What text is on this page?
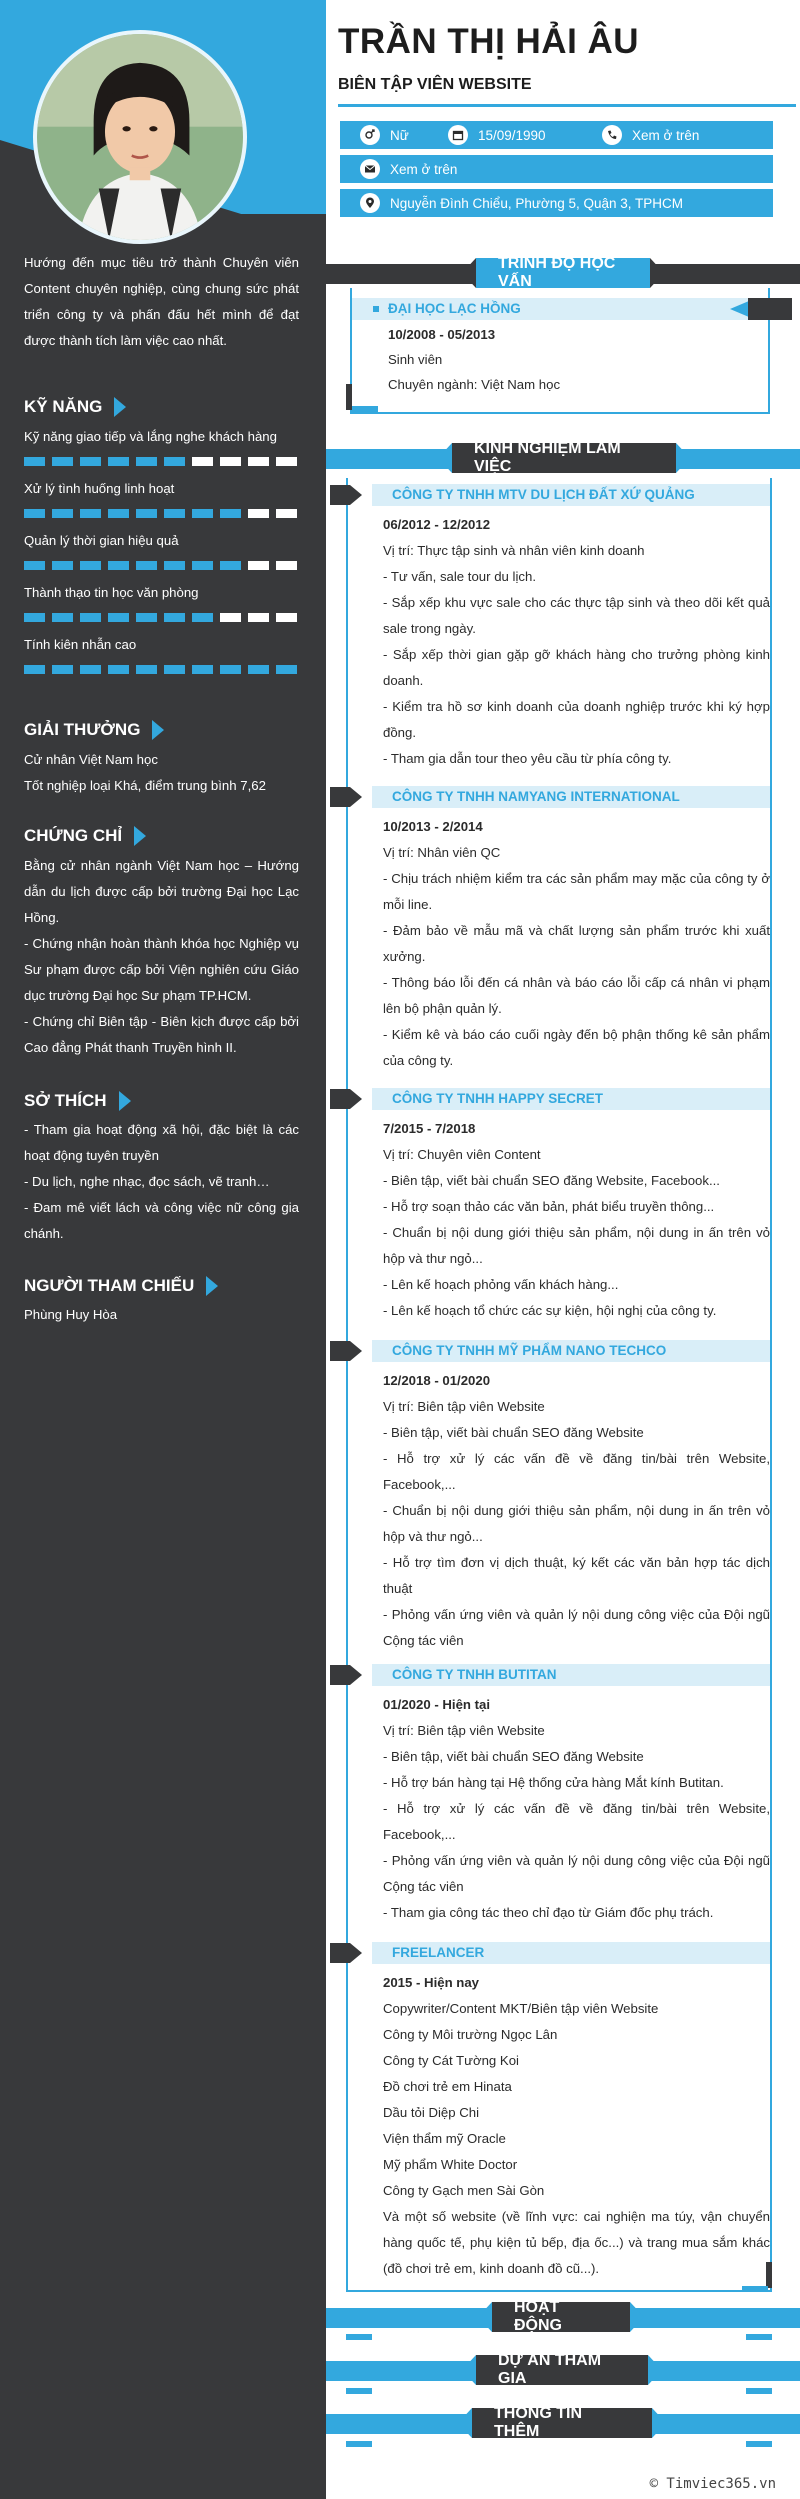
Hướng đến mục tiêu trở thành Chuyên viên Content chuyên nghiệp, cùng chung sức phát triển công ty và phấn đấu hết mình để đạt được thành tích làm việc cao nhất.
KỸ NĂNG
Kỹ năng giao tiếp và lắng nghe khách hàng
Xử lý tình huống linh hoạt
Quản lý thời gian hiệu quả
Thành thạo tin học văn phòng
Tính kiên nhẫn cao
GIẢI THƯỞNG
Cử nhân Việt Nam học
Tốt nghiệp loại Khá, điểm trung bình 7,62
CHỨNG CHỈ
Bằng cử nhân ngành Việt Nam học – Hướng dẫn du lịch được cấp bởi trường Đại học Lạc Hồng.
- Chứng nhận hoàn thành khóa học Nghiệp vụ Sư phạm được cấp bởi Viện nghiên cứu Giáo dục trường Đại học Sư phạm TP.HCM.
- Chứng chỉ Biên tập - Biên kịch được cấp bởi Cao đẳng Phát thanh Truyền hình II.
SỞ THÍCH
- Tham gia hoạt động xã hội, đặc biệt là các hoạt động tuyên truyền
- Du lịch, nghe nhạc, đọc sách, vẽ tranh…
- Đam mê viết lách và công việc nữ công gia chánh.
NGƯỜI THAM CHIẾU
Phùng Huy Hòa
TRẦN THỊ HẢI ÂU
BIÊN TẬP VIÊN WEBSITE
Nữ	15/09/1990	Xem ở trên
Xem ở trên
Nguyễn Đình Chiểu, Phường 5, Quận 3, TPHCM
TRÌNH ĐỘ HỌC VẤN
ĐẠI HỌC LẠC HỒNG
10/2008 - 05/2013
Sinh viên
Chuyên ngành: Việt Nam học
KINH NGHIỆM LÀM VIỆC
CÔNG TY TNHH MTV DU LỊCH ĐẤT XỨ QUẢNG
06/2012 - 12/2012
Vị trí: Thực tập sinh và nhân viên kinh doanh
- Tư vấn, sale tour du lịch.
- Sắp xếp khu vực sale cho các thực tập sinh và theo dõi kết quả sale trong ngày.
- Sắp xếp thời gian gặp gỡ khách hàng cho trưởng phòng kinh doanh.
- Kiểm tra hồ sơ kinh doanh của doanh nghiệp trước khi ký hợp đồng.
- Tham gia dẫn tour theo yêu cầu từ phía công ty.
CÔNG TY TNHH NAMYANG INTERNATIONAL
10/2013 - 2/2014
Vị trí: Nhân viên QC
- Chịu trách nhiệm kiểm tra các sản phẩm may mặc của công ty ở mỗi line.
- Đảm bảo về mẫu mã và chất lượng sản phẩm trước khi xuất xưởng.
- Thông báo lỗi đến cá nhân và báo cáo lỗi cấp cá nhân vi phạm lên bộ phận quản lý.
- Kiểm kê và báo cáo cuối ngày đến bộ phận thống kê sản phẩm của công ty.
CÔNG TY TNHH HAPPY SECRET
7/2015 - 7/2018
Vị trí: Chuyên viên Content
- Biên tập, viết bài chuẩn SEO đăng Website, Facebook...
- Hỗ trợ soạn thảo các văn bản, phát biểu truyền thông...
- Chuẩn bị nội dung giới thiệu sản phẩm, nội dung in ấn trên vỏ hộp và thư ngỏ...
- Lên kế hoạch phỏng vấn khách hàng...
- Lên kế hoạch tổ chức các sự kiện, hội nghị của công ty.
CÔNG TY TNHH MỸ PHẨM NANO TECHCO
12/2018 - 01/2020
Vị trí: Biên tập viên Website
- Biên tập, viết bài chuẩn SEO đăng Website
- Hỗ trợ xử lý các vấn đề về đăng tin/bài trên Website, Facebook,...
- Chuẩn bị nội dung giới thiệu sản phẩm, nội dung in ấn trên vỏ hộp và thư ngỏ...
- Hỗ trợ tìm đơn vị dịch thuật, ký kết các văn bản hợp tác dịch thuật
- Phỏng vấn ứng viên và quản lý nội dung công việc của Đội ngũ Cộng tác viên
CÔNG TY TNHH BUTITAN
01/2020 - Hiện tại
Vị trí: Biên tập viên Website
- Biên tập, viết bài chuẩn SEO đăng Website
- Hỗ trợ bán hàng tại Hệ thống cửa hàng Mắt kính Butitan.
- Hỗ trợ xử lý các vấn đề về đăng tin/bài trên Website, Facebook,...
- Phỏng vấn ứng viên và quản lý nội dung công việc của Đội ngũ Cộng tác viên
- Tham gia công tác theo chỉ đạo từ Giám đốc phụ trách.
FREELANCER
2015 - Hiện nay
Copywriter/Content MKT/Biên tập viên Website
Công ty Môi trường Ngọc Lân
Công ty Cát Tường Koi
Đồ chơi trẻ em Hinata
Dầu tỏi Diệp Chi
Viện thẩm mỹ Oracle
Mỹ phẩm White Doctor
Công ty Gạch men Sài Gòn
Và một số website (về lĩnh vực: cai nghiện ma túy, vận chuyển hàng quốc tế, phụ kiện tủ bếp, địa ốc...) và trang mua sắm khác (đồ chơi trẻ em, kinh doanh đồ cũ...).
HOẠT ĐỘNG
DỰ ÁN THAM GIA
THÔNG TIN THÊM
© Timviec365.vn
